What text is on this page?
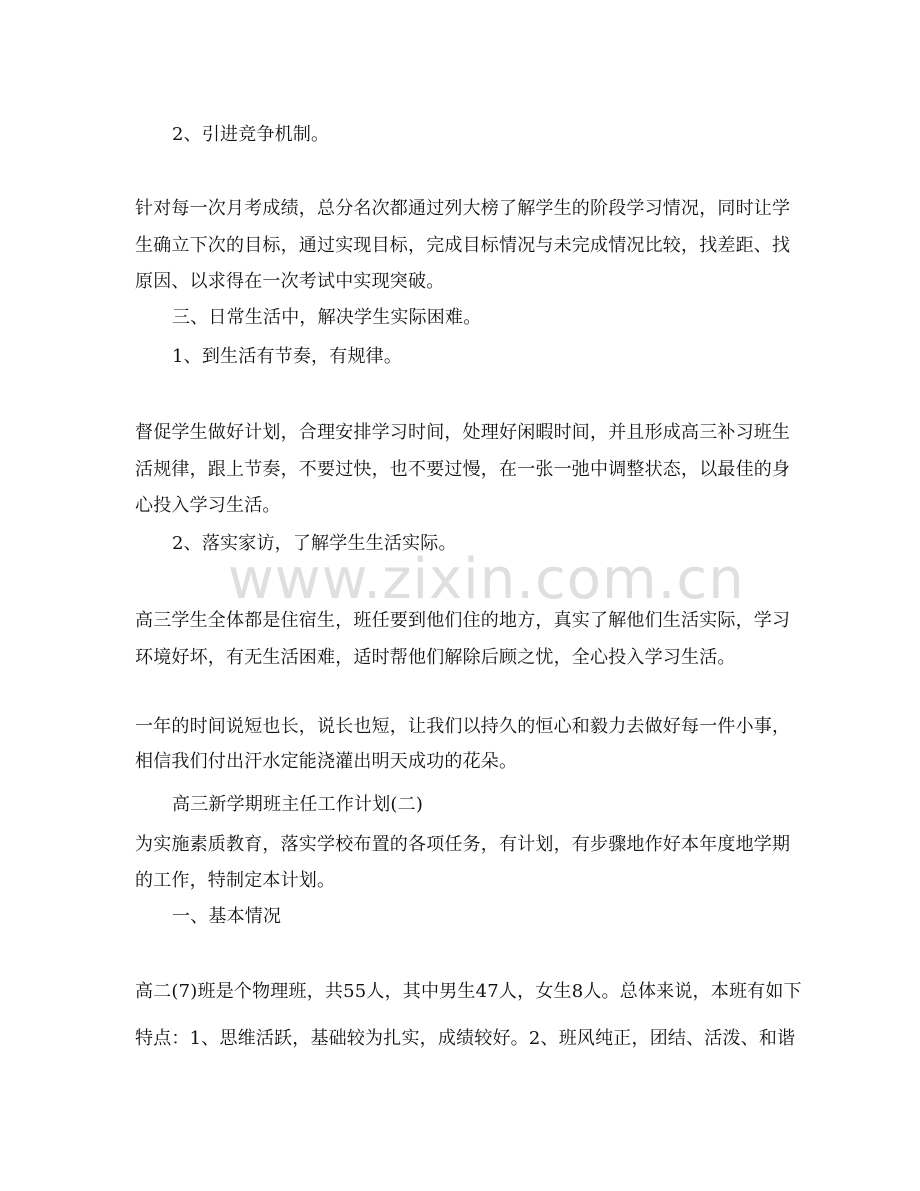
2、引进竞争机制。
针对每一次月考成绩，总分名次都通过列大榜了解学生的阶段学习情况，同时让学
生确立下次的目标，通过实现目标，完成目标情况与未完成情况比较，找差距、找
原因、以求得在一次考试中实现突破。
三、日常生活中，解决学生实际困难。
1、到生活有节奏，有规律。
督促学生做好计划，合理安排学习时间，处理好闲暇时间，并且形成高三补习班生
活规律，跟上节奏，不要过快，也不要过慢，在一张一弛中调整状态，以最佳的身
心投入学习生活。
2、落实家访，了解学生生活实际。
高三学生全体都是住宿生，班任要到他们住的地方，真实了解他们生活实际，学习
环境好坏，有无生活困难，适时帮他们解除后顾之忧，全心投入学习生活。
一年的时间说短也长，说长也短，让我们以持久的恒心和毅力去做好每一件小事，
相信我们付出汗水定能浇灌出明天成功的花朵。
高三新学期班主任工作计划(二)
为实施素质教育，落实学校布置的各项任务，有计划，有步骤地作好本年度地学期
的工作，特制定本计划。
一、基本情况
高二(7)班是个物理班，共55人，其中男生47人，女生8人。总体来说，本班有如下
特点：1、思维活跃，基础较为扎实，成绩较好。2、班风纯正，团结、活泼、和谐
www.zixin.com.cn
